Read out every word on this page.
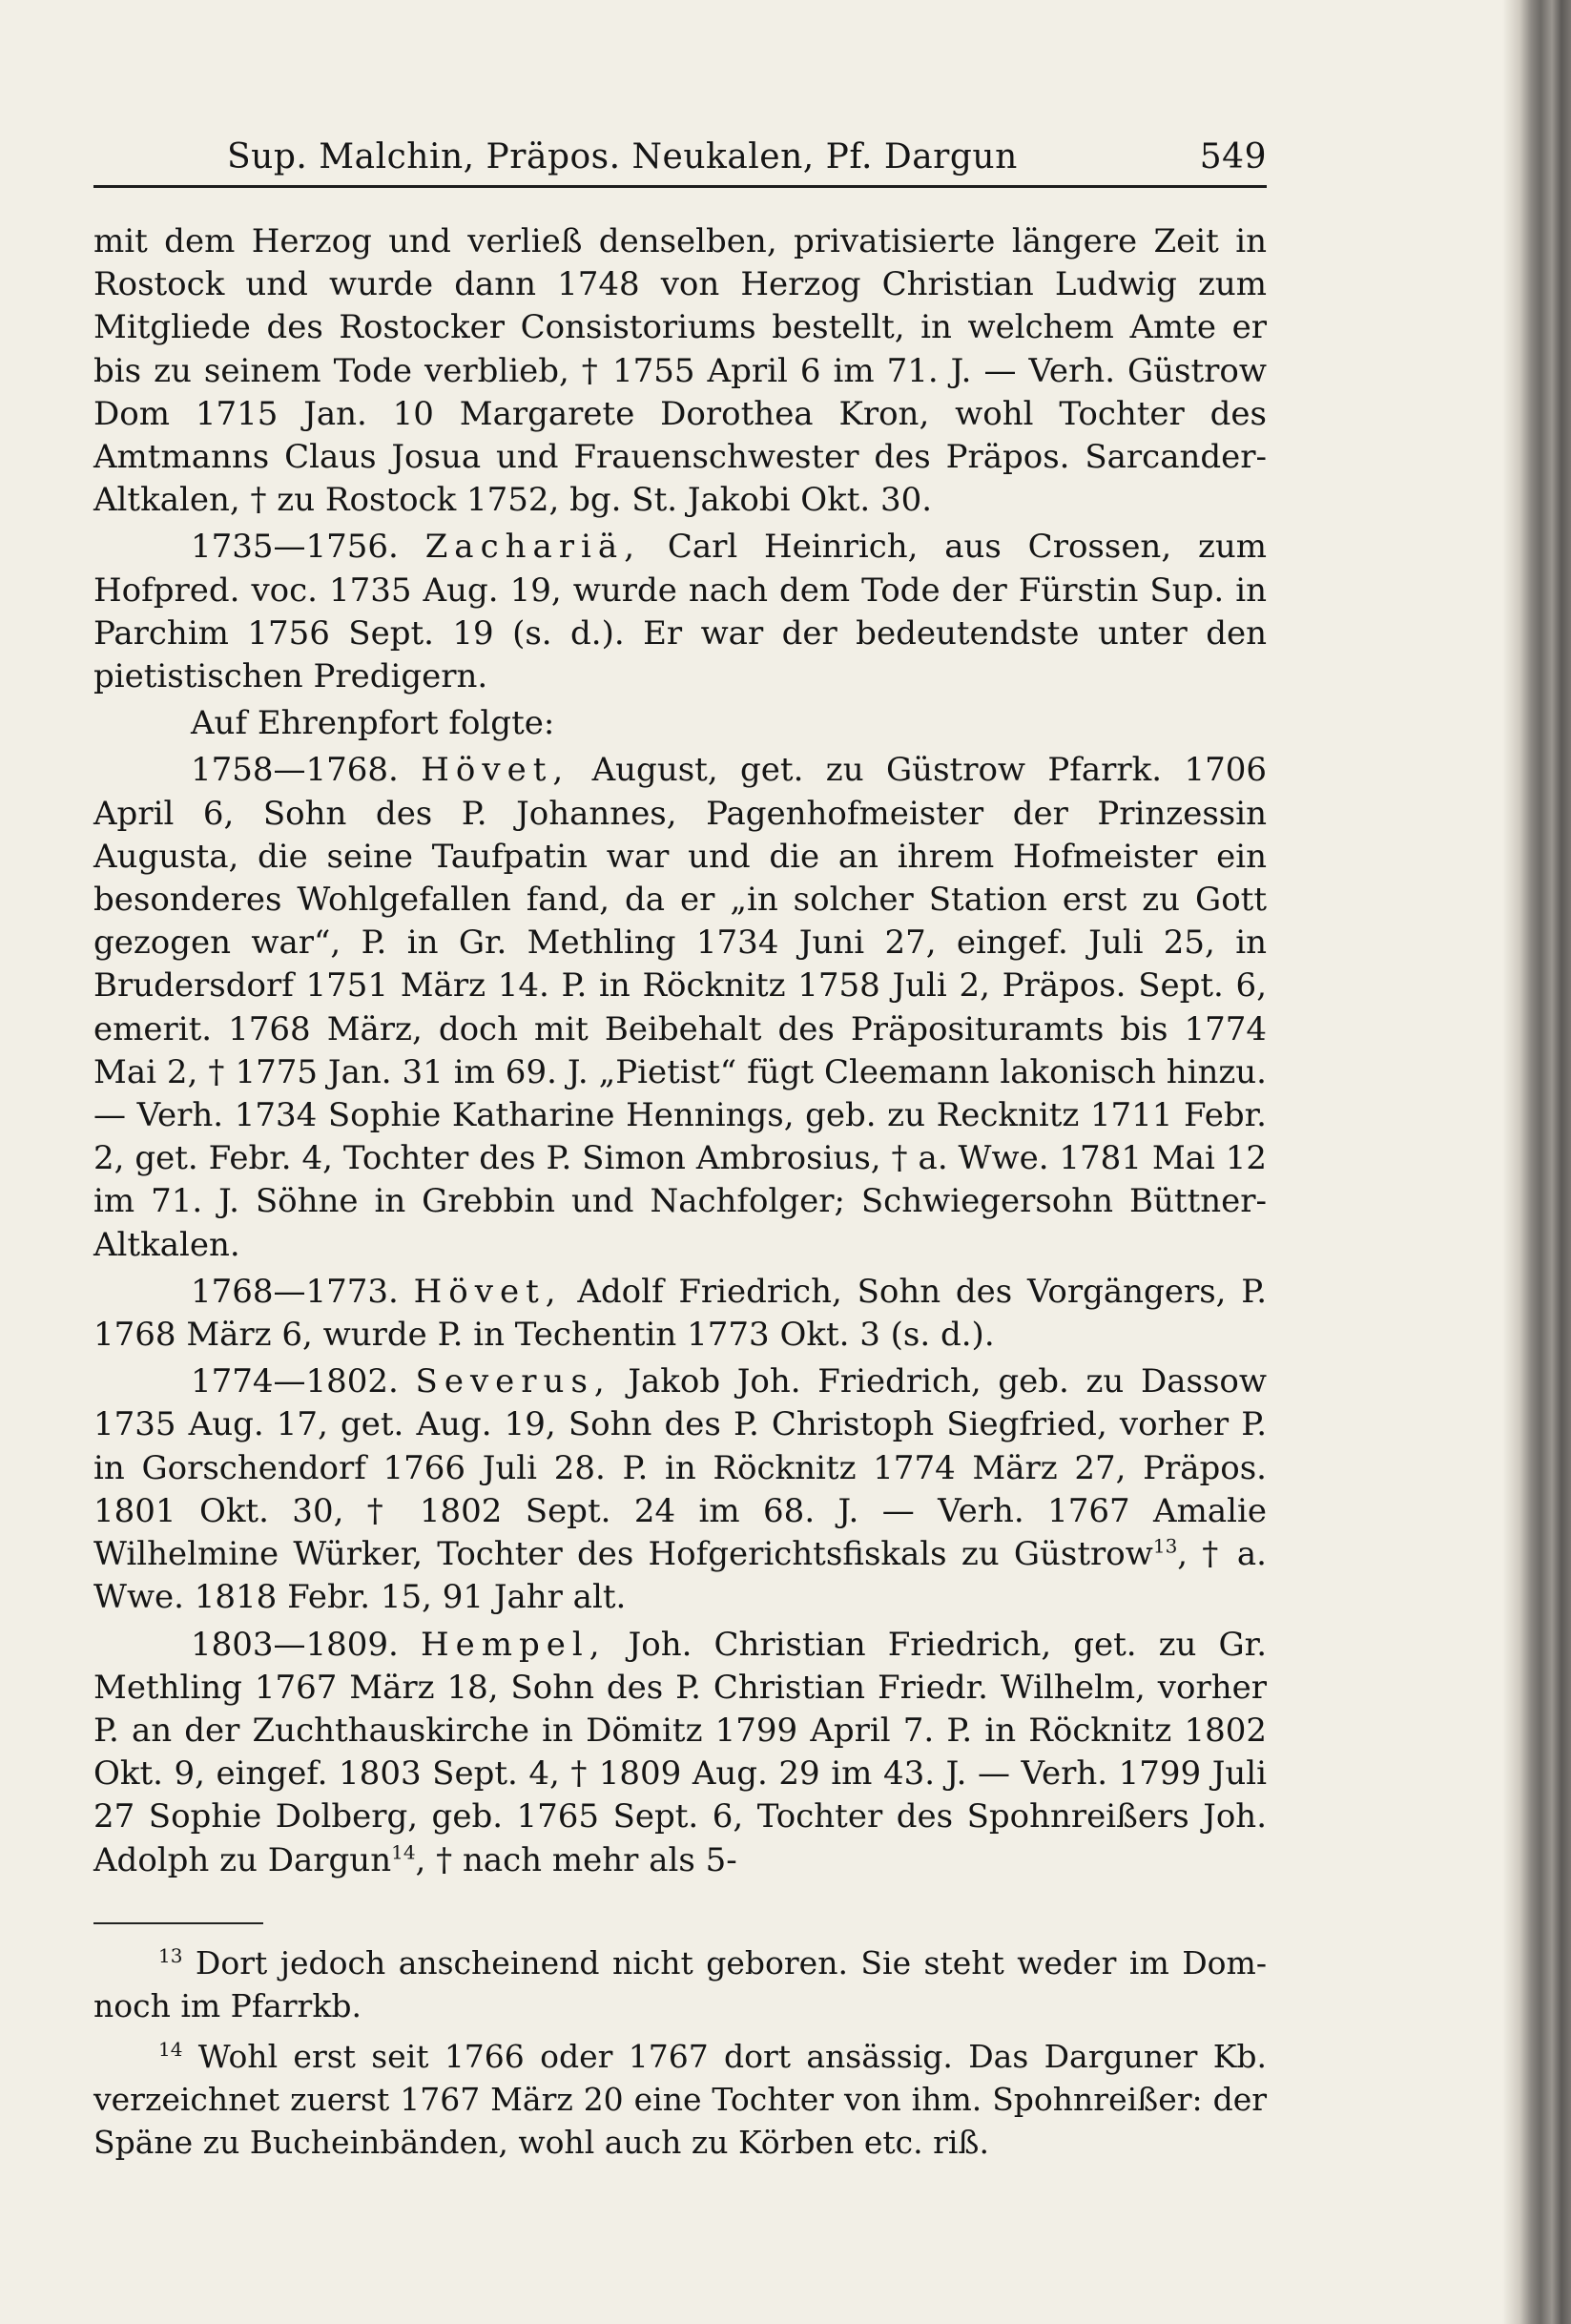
Sup. Malchin, Präpos. Neukalen, Pf. Dargun	549

mit dem Herzog und verließ denselben, privatisierte längere Zeit in Rostock und wurde dann 1748 von Herzog Christian Ludwig zum Mitgliede des Rostocker Consistoriums bestellt, in welchem Amte er bis zu seinem Tode verblieb, † 1755 April 6 im 71. J. — Verh. Güstrow Dom 1715 Jan. 10 Margarete Dorothea Kron, wohl Tochter des Amtmanns Claus Josua und Frauenschwester des Präpos. Sarcander-Altkalen, † zu Rostock 1752, bg. St. Jakobi Okt. 30.

1735—1756. Zachariä, Carl Heinrich, aus Crossen, zum Hofpred. voc. 1735 Aug. 19, wurde nach dem Tode der Fürstin Sup. in Parchim 1756 Sept. 19 (s. d.). Er war der bedeutendste unter den pietistischen Predigern.

Auf Ehrenpfort folgte:

1758—1768. Hövet, August, get. zu Güstrow Pfarrk. 1706 April 6, Sohn des P. Johannes, Pagenhofmeister der Prinzessin Augusta, die seine Taufpatin war und die an ihrem Hofmeister ein besonderes Wohlgefallen fand, da er „in solcher Station erst zu Gott gezogen war“, P. in Gr. Methling 1734 Juni 27, eingef. Juli 25, in Brudersdorf 1751 März 14. P. in Röcknitz 1758 Juli 2, Präpos. Sept. 6, emerit. 1768 März, doch mit Beibehalt des Präposituramts bis 1774 Mai 2, † 1775 Jan. 31 im 69. J. „Pietist“ fügt Cleemann lakonisch hinzu. — Verh. 1734 Sophie Katharine Hennings, geb. zu Recknitz 1711 Febr. 2, get. Febr. 4, Tochter des P. Simon Ambrosius, † a. Wwe. 1781 Mai 12 im 71. J. Söhne in Grebbin und Nachfolger; Schwiegersohn Büttner-Altkalen.

1768—1773. Hövet, Adolf Friedrich, Sohn des Vorgängers, P. 1768 März 6, wurde P. in Techentin 1773 Okt. 3 (s. d.).

1774—1802. Severus, Jakob Joh. Friedrich, geb. zu Dassow 1735 Aug. 17, get. Aug. 19, Sohn des P. Christoph Siegfried, vorher P. in Gorschendorf 1766 Juli 28. P. in Röcknitz 1774 März 27, Präpos. 1801 Okt. 30, † 1802 Sept. 24 im 68. J. — Verh. 1767 Amalie Wilhelmine Würker, Tochter des Hofgerichtsfiskals zu Güstrow$^{13}$, † a. Wwe. 1818 Febr. 15, 91 Jahr alt.

1803—1809. Hempel, Joh. Christian Friedrich, get. zu Gr. Methling 1767 März 18, Sohn des P. Christian Friedr. Wilhelm, vorher P. an der Zuchthauskirche in Dömitz 1799 April 7. P. in Röcknitz 1802 Okt. 9, eingef. 1803 Sept. 4, † 1809 Aug. 29 im 43. J. — Verh. 1799 Juli 27 Sophie Dolberg, geb. 1765 Sept. 6, Tochter des Spohnreißers Joh. Adolph zu Dargun$^{14}$, † nach mehr als 5-

$^{13}$ Dort jedoch anscheinend nicht geboren. Sie steht weder im Dom- noch im Pfarrkb.

$^{14}$ Wohl erst seit 1766 oder 1767 dort ansässig. Das Darguner Kb. verzeichnet zuerst 1767 März 20 eine Tochter von ihm. Spohnreißer: der Späne zu Bucheinbänden, wohl auch zu Körben etc. riß.
